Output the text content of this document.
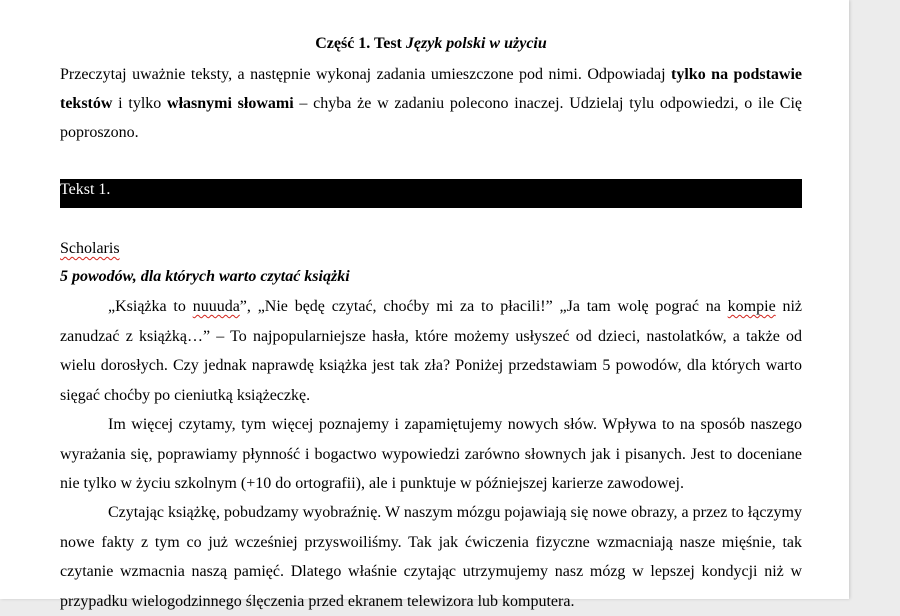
Część 1. Test Język polski w użyciu

Przeczytaj uważnie teksty, a następnie wykonaj zadania umieszczone pod nimi. Odpowiadaj tylko na podstawie tekstów i tylko własnymi słowami – chyba że w zadaniu polecono inaczej. Udzielaj tylu odpowiedzi, o ile Cię poproszono.

Tekst 1.
Scholaris
5 powodów, dla których warto czytać książki

„Książka to nuuuda”, „Nie będę czytać, choćby mi za to płacili!” „Ja tam wolę pograć na kompie niż zanudzać z książką…” – To najpopularniejsze hasła, które możemy usłyszeć od dzieci, nastolatków, a także od wielu dorosłych. Czy jednak naprawdę książka jest tak zła? Poniżej przedstawiam 5 powodów, dla których warto sięgać choćby po cieniutką książeczkę.

Im więcej czytamy, tym więcej poznajemy i zapamiętujemy nowych słów. Wpływa to na sposób naszego wyrażania się, poprawiamy płynność i bogactwo wypowiedzi zarówno słownych jak i pisanych. Jest to doceniane nie tylko w życiu szkolnym (+10 do ortografii), ale i punktuje w późniejszej karierze zawodowej.

Czytając książkę, pobudzamy wyobraźnię. W naszym mózgu pojawiają się nowe obrazy, a przez to łączymy nowe fakty z tym co już wcześniej przyswoiliśmy. Tak jak ćwiczenia fizyczne wzmacniają nasze mięśnie, tak czytanie wzmacnia naszą pamięć. Dlatego właśnie czytając utrzymujemy nasz mózg w lepszej kondycji niż w przypadku wielogodzinnego ślęczenia przed ekranem telewizora lub komputera.
